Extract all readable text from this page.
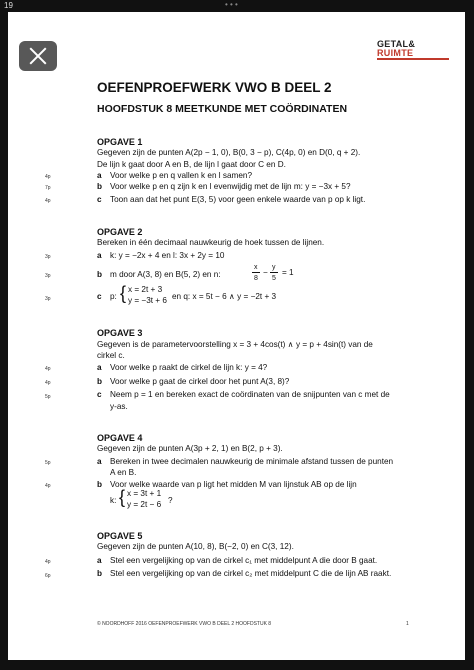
19	• • •
GETAL&
RUIMTE
OEFENPROEFWERK VWO B DEEL 2
HOOFDSTUK 8 MEETKUNDE MET COÖRDINATEN
OPGAVE 1
Gegeven zijn de punten A(2p − 1, 0), B(0, 3 − p), C(4p, 0) en D(0, q + 2).
De lijn k gaat door A en B, de lijn l gaat door C en D.
4p	a Voor welke p en q vallen k en l samen?
7p	b Voor welke p en q zijn k en l evenwijdig met de lijn m: y = −3x + 5?
4p	c Toon aan dat het punt E(3, 5) voor geen enkele waarde van p op k ligt.
OPGAVE 2
Bereken in één decimaal nauwkeurig de hoek tussen de lijnen.
3p	a k: y = −2x + 4 en l: 3x + 2y = 10
3p	b m door A(3, 8) en B(5, 2) en n:
x
8
−
y
5
= 1
3p	c p: { x = 2t + 3
y = −3t + 6 en q: x = 5t − 6 ∧ y = −2t + 3
OPGAVE 3
Gegeven is de parametervoorstelling x = 3 + 4cos(t) ∧ y = p + 4sin(t) van de
cirkel c.
4p	a Voor welke p raakt de cirkel de lijn k: y = 4?
4p	b Voor welke p gaat de cirkel door het punt A(3, 8)?
5p	c Neem p = 1 en bereken exact de coördinaten van de snijpunten van c met de
y-as.
OPGAVE 4
Gegeven zijn de punten A(3p + 2, 1) en B(2, p + 3).
5p	a Bereken in twee decimalen nauwkeurig de minimale afstand tussen de punten
A en B.
4p	b Voor welke waarde van p ligt het midden M van lijnstuk AB op de lijn
k: { x = 3t + 1
y = 2t − 6 ?
OPGAVE 5
Gegeven zijn de punten A(10, 8), B(−2, 0) en C(3, 12).
4p	a Stel een vergelijking op van de cirkel c₁ met middelpunt A die door B gaat.
6p	b Stel een vergelijking op van de cirkel c₂ met middelpunt C die de lijn AB raakt.
© NOORDHOFF 2016 OEFENPROEFWERK VWO B DEEL 2 HOOFDSTUK 8	1
